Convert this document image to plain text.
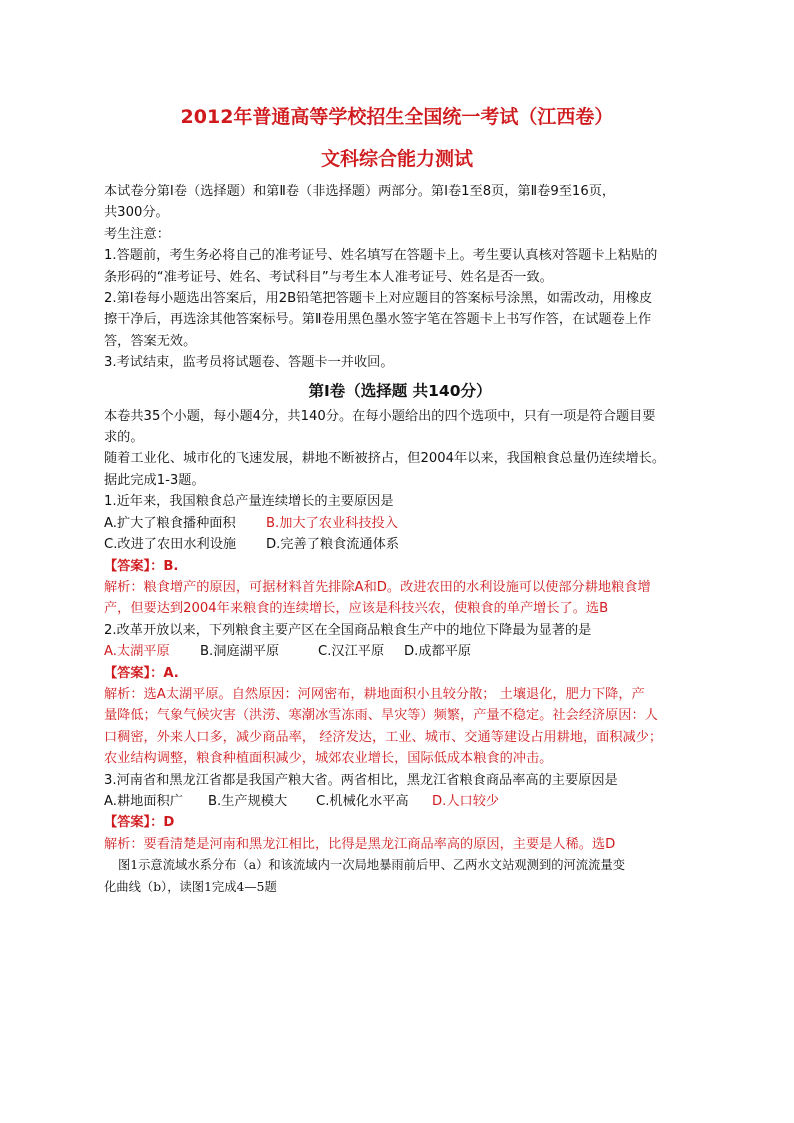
2012年普通高等学校招生全国统一考试（江西卷）
文科综合能力测试

本试卷分第Ⅰ卷（选择题）和第Ⅱ卷（非选择题）两部分。第Ⅰ卷1至8页，第Ⅱ卷9至16页，

共300分。

考生注意：

1.答题前，考生务必将自己的准考证号、姓名填写在答题卡上。考生要认真核对答题卡上粘贴的

条形码的“准考证号、姓名、考试科目”与考生本人准考证号、姓名是否一致。

2.第Ⅰ卷每小题选出答案后，用2B铅笔把答题卡上对应题目的答案标号涂黑，如需改动，用橡皮

擦干净后，再选涂其他答案标号。第Ⅱ卷用黑色墨水签字笔在答题卡上书写作答，在试题卷上作

答，答案无效。

3.考试结束，监考员将试题卷、答题卡一并收回。

第Ⅰ卷（选择题 共140分）

本卷共35个小题，每小题4分，共140分。在每小题给出的四个选项中，只有一项是符合题目要

求的。

随着工业化、城市化的飞速发展，耕地不断被挤占，但2004年以来，我国粮食总量仍连续增长。

据此完成1-3题。

1.近年来，我国粮食总产量连续增长的主要原因是

A.扩大了粮食播种面积 B.加大了农业科技投入

C.改进了农田水利设施 D.完善了粮食流通体系

【答案】：B.

解析：粮食增产的原因，可据材料首先排除A和D。改进农田的水利设施可以使部分耕地粮食增

产，但要达到2004年来粮食的连续增长，应该是科技兴农，使粮食的单产增长了。选B

2.改革开放以来，下列粮食主要产区在全国商品粮食生产中的地位下降最为显著的是

A.太湖平原 B.洞庭湖平原	C.汉江平原 D.成都平原

【答案】：A.

解析：选A太湖平原。自然原因：河网密布，耕地面积小且较分散； 土壤退化，肥力下降，产

量降低；气象气候灾害（洪涝、寒潮冰雪冻雨、旱灾等）频繁，产量不稳定。社会经济原因：人

口稠密，外来人口多，减少商品率， 经济发达，工业、城市、交通等建设占用耕地，面积减少；

农业结构调整，粮食种植面积减少，城郊农业增长，国际低成本粮食的冲击。

3.河南省和黑龙江省都是我国产粮大省。两省相比，黑龙江省粮食商品率高的主要原因是

A.耕地面积广 B.生产规模大 C.机械化水平高 D.人口较少

【答案】：D

解析：要看清楚是河南和黑龙江相比，比得是黑龙江商品率高的原因，主要是人稀。选D

图1示意流域水系分布（a）和该流域内一次局地暴雨前后甲、乙两水文站观测到的河流流量变

化曲线（b），读图1完成4—5题
